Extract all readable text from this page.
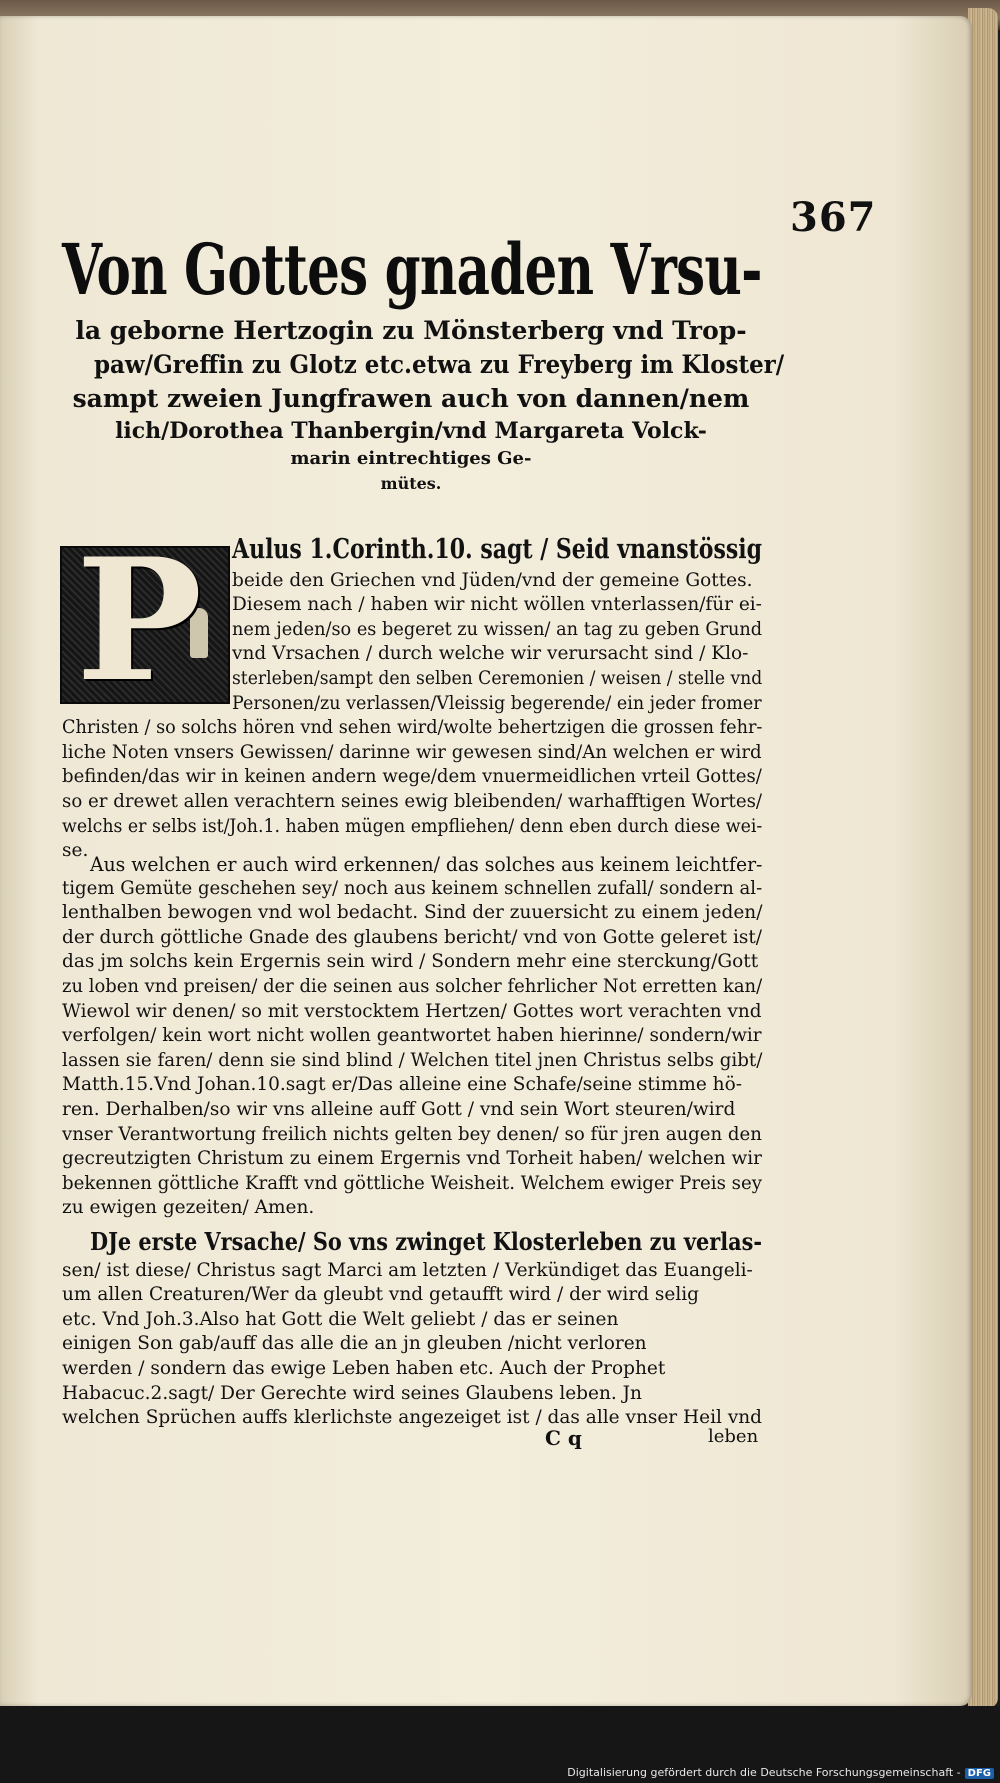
367
Von Gottes gnaden Vrsu-
la geborne Hertzogin zu Mönsterberg vnd Trop-
paw/Greffin zu Glotz etc.etwa zu Freyberg im Kloster/
sampt zweien Jungfrawen auch von dannen/nem
lich/Dorothea Thanbergin/vnd Margareta Volck-
marin eintrechtiges Ge-
mütes.
P Aulus 1.Corinth.10. sagt / Seid vnanstössig
beide den Griechen vnd Jüden/vnd der gemeine Gottes.
Diesem nach / haben wir nicht wöllen vnterlassen/für ei-
nem jeden/so es begeret zu wissen/ an tag zu geben Grund
vnd Vrsachen / durch welche wir verursacht sind / Klo-
sterleben/sampt den selben Ceremonien / weisen / stelle vnd
Personen/zu verlassen/Vleissig begerende/ ein jeder fromer
Christen / so solchs hören vnd sehen wird/wolte behertzigen die grossen fehr-
liche Noten vnsers Gewissen/ darinne wir gewesen sind/An welchen er wird
befinden/das wir in keinen andern wege/dem vnuermeidlichen vrteil Gottes/
so er drewet allen verachtern seines ewig bleibenden/ warhafftigen Wortes/
welchs er selbs ist/Joh.1. haben mügen empfliehen/ denn eben durch diese wei-
se.
Aus welchen er auch wird erkennen/ das solches aus keinem leichtfer-
tigem Gemüte geschehen sey/ noch aus keinem schnellen zufall/ sondern al-
lenthalben bewogen vnd wol bedacht. Sind der zuuersicht zu einem jeden/
der durch göttliche Gnade des glaubens bericht/ vnd von Gotte geleret ist/
das jm solchs kein Ergernis sein wird / Sondern mehr eine sterckung/Gott
zu loben vnd preisen/ der die seinen aus solcher fehrlicher Not erretten kan/
Wiewol wir denen/ so mit verstocktem Hertzen/ Gottes wort verachten vnd
verfolgen/ kein wort nicht wollen geantwortet haben hierinne/ sondern/wir
lassen sie faren/ denn sie sind blind / Welchen titel jnen Christus selbs gibt/
Matth.15.Vnd Johan.10.sagt er/Das alleine eine Schafe/seine stimme hö-
ren. Derhalben/so wir vns alleine auff Gott / vnd sein Wort steuren/wird
vnser Verantwortung freilich nichts gelten bey denen/ so für jren augen den
gecreutzigten Christum zu einem Ergernis vnd Torheit haben/ welchen wir
bekennen göttliche Krafft vnd göttliche Weisheit. Welchem ewiger Preis sey
zu ewigen gezeiten/ Amen.
DJe erste Vrsache/ So vns zwinget Klosterleben zu verlas-
sen/ ist diese/ Christus sagt Marci am letzten / Verkündiget das Euangeli-
um allen Creaturen/Wer da gleubt vnd getaufft wird / der wird selig
etc. Vnd Joh.3.Also hat Gott die Welt geliebt / das er seinen
einigen Son gab/auff das alle die an jn gleuben /nicht verloren
werden / sondern das ewige Leben haben etc. Auch der Prophet
Habacuc.2.sagt/ Der Gerechte wird seines Glaubens leben. Jn
welchen Sprüchen auffs klerlichste angezeiget ist / das alle vnser Heil vnd
C q	leben
Digitalisierung gefördert durch die Deutsche Forschungsgemeinschaft - DFG
